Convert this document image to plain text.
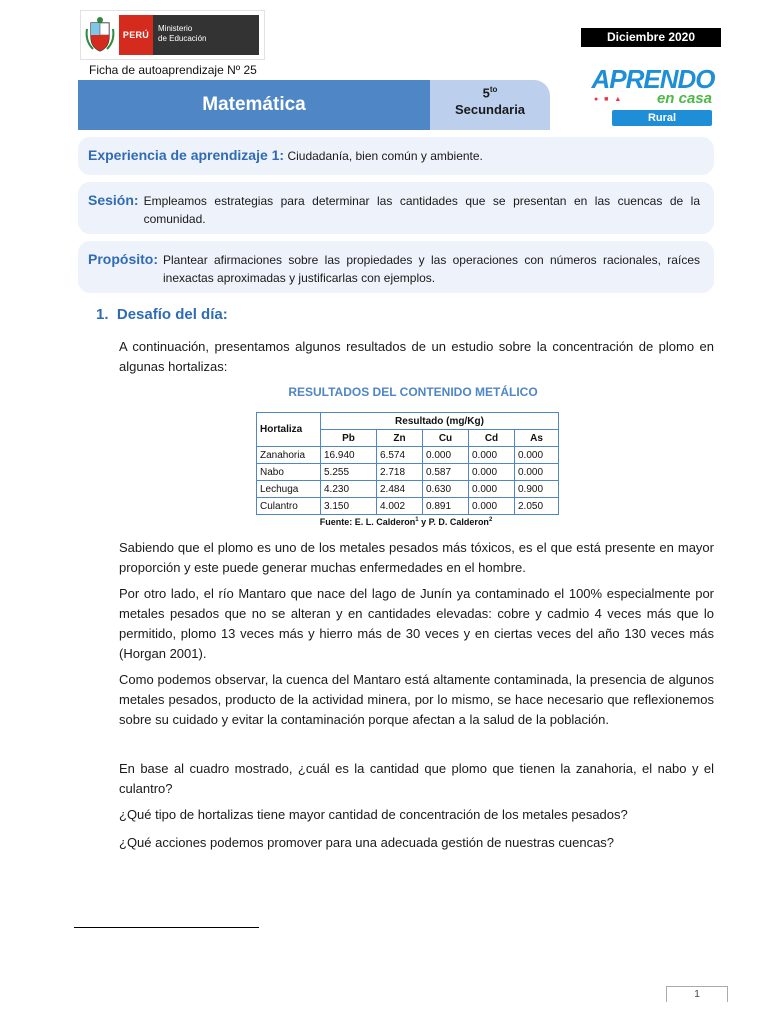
PERÚ
Ministerio
de Educación	Diciembre 2020
Ficha de autoaprendizaje Nº 25
Matemática
$5^{to}$
Secundaria
APRENDO
● ■ ▲	en casa
Rural
Experiencia de aprendizaje 1: Ciudadanía, bien común y ambiente.
Sesión: Empleamos estrategias para determinar las cantidades que se presentan en las cuencas de la comunidad.
Propósito: Plantear afirmaciones sobre las propiedades y las operaciones con números racionales, raíces inexactas aproximadas y justificarlas con ejemplos.
1. Desafío del día:

A continuación, presentamos algunos resultados de un estudio sobre la concentración de plomo en algunas hortalizas:

RESULTADOS DEL CONTENIDO METÁLICO
Hortaliza	Resultado (mg/Kg)				
	Pb	Zn	Cu	Cd	As
Zanahoria	16.940	6.574	0.000	0.000	0.000
Nabo	5.255	2.718	0.587	0.000	0.000
Lechuga	4.230	2.484	0.630	0.000	0.900
Culantro	3.150	4.002	0.891	0.000	2.050
Fuente: E. L. Calderon$^1$ y P. D. Calderon$^2$

Sabiendo que el plomo es uno de los metales pesados más tóxicos, es el que está presente en mayor proporción y este puede generar muchas enfermedades en el hombre.

Por otro lado, el río Mantaro que nace del lago de Junín ya contaminado el 100% especialmente por metales pesados que no se alteran y en cantidades elevadas: cobre y cadmio 4 veces más que lo permitido, plomo 13 veces más y hierro más de 30 veces y en ciertas veces del año 130 veces más (Horgan 2001).

Como podemos observar, la cuenca del Mantaro está altamente contaminada, la presencia de algunos metales pesados, producto de la actividad minera, por lo mismo, se hace necesario que reflexionemos sobre su cuidado y evitar la contaminación porque afectan a la salud de la población.

En base al cuadro mostrado, ¿cuál es la cantidad que plomo que tienen la zanahoria, el nabo y el culantro?

¿Qué tipo de hortalizas tiene mayor cantidad de concentración de los metales pesados?

¿Qué acciones podemos promover para una adecuada gestión de nuestras cuencas?

1
